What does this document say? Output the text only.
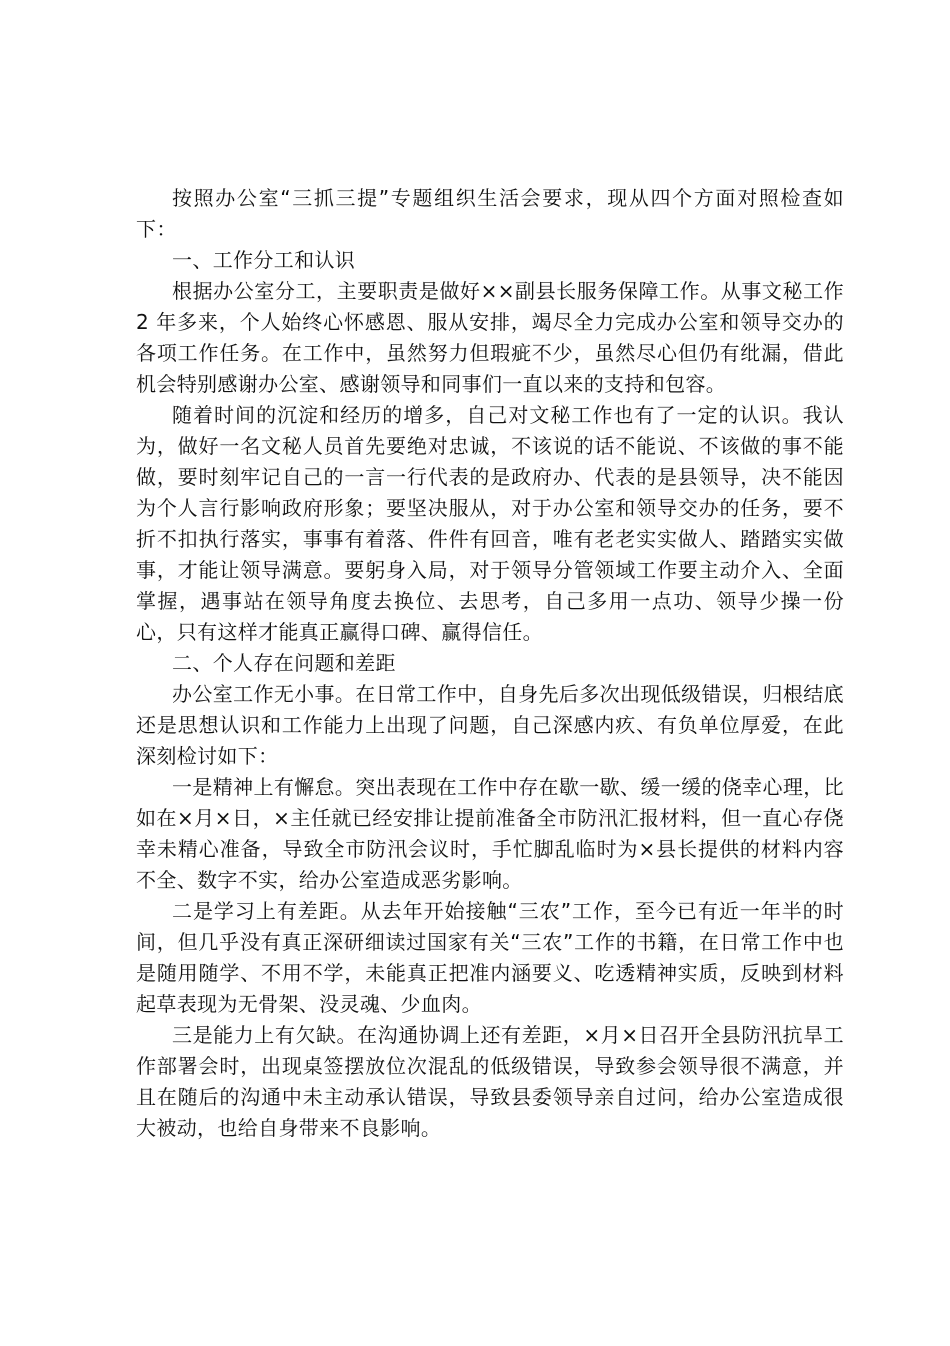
按照办公室“三抓三提”专题组织生活会要求，现从四个方面对照检查如下：

一、工作分工和认识

根据办公室分工，主要职责是做好××副县长服务保障工作。从事文秘工作 2 年多来，个人始终心怀感恩、服从安排，竭尽全力完成办公室和领导交办的各项工作任务。在工作中，虽然努力但瑕疵不少，虽然尽心但仍有纰漏，借此机会特别感谢办公室、感谢领导和同事们一直以来的支持和包容。

随着时间的沉淀和经历的增多，自己对文秘工作也有了一定的认识。我认为，做好一名文秘人员首先要绝对忠诚，不该说的话不能说、不该做的事不能做，要时刻牢记自己的一言一行代表的是政府办、代表的是县领导，决不能因为个人言行影响政府形象；要坚决服从，对于办公室和领导交办的任务，要不折不扣执行落实，事事有着落、件件有回音，唯有老老实实做人、踏踏实实做事，才能让领导满意。要躬身入局，对于领导分管领域工作要主动介入、全面掌握，遇事站在领导角度去换位、去思考，自己多用一点功、领导少操一份心，只有这样才能真正赢得口碑、赢得信任。

二、个人存在问题和差距

办公室工作无小事。在日常工作中，自身先后多次出现低级错误，归根结底还是思想认识和工作能力上出现了问题，自己深感内疚、有负单位厚爱，在此深刻检讨如下：

一是精神上有懈怠。突出表现在工作中存在歇一歇、缓一缓的侥幸心理，比如在×月×日，×主任就已经安排让提前准备全市防汛汇报材料，但一直心存侥幸未精心准备，导致全市防汛会议时，手忙脚乱临时为×县长提供的材料内容不全、数字不实，给办公室造成恶劣影响。

二是学习上有差距。从去年开始接触“三农”工作，至今已有近一年半的时间，但几乎没有真正深研细读过国家有关“三农”工作的书籍，在日常工作中也是随用随学、不用不学，未能真正把准内涵要义、吃透精神实质，反映到材料起草表现为无骨架、没灵魂、少血肉。

三是能力上有欠缺。在沟通协调上还有差距，×月×日召开全县防汛抗旱工作部署会时，出现桌签摆放位次混乱的低级错误，导致参会领导很不满意，并且在随后的沟通中未主动承认错误，导致县委领导亲自过问，给办公室造成很大被动，也给自身带来不良影响。
